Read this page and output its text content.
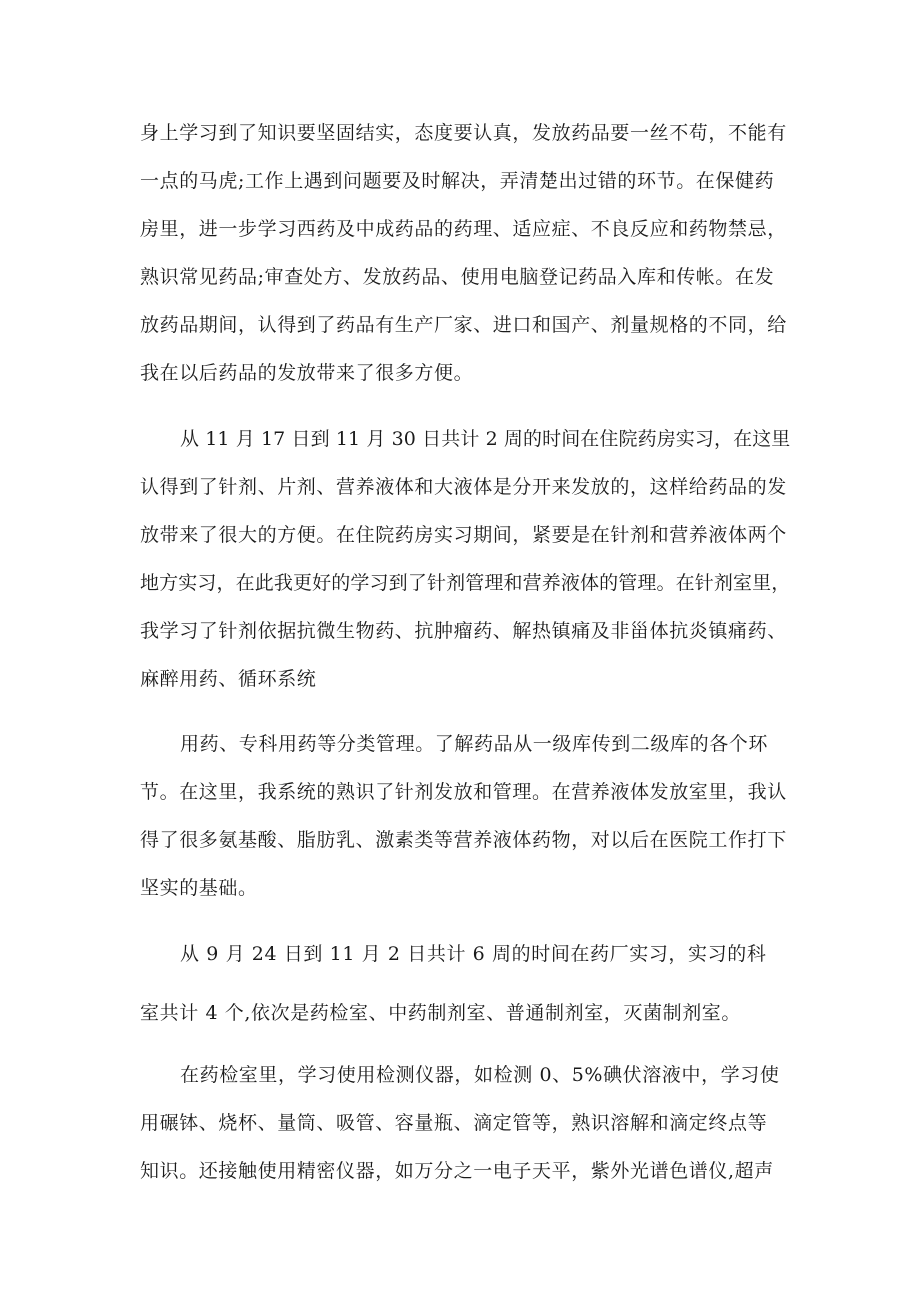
身上学习到了知识要坚固结实，态度要认真，发放药品要一丝不苟，不能有
一点的马虎;工作上遇到问题要及时解决，弄清楚出过错的环节。在保健药
房里，进一步学习西药及中成药品的药理、适应症、不良反应和药物禁忌，
熟识常见药品;审查处方、发放药品、使用电脑登记药品入库和传帐。在发
放药品期间，认得到了药品有生产厂家、进口和国产、剂量规格的不同，给
我在以后药品的发放带来了很多方便。
从 11 月 17 日到 11 月 30 日共计 2 周的时间在住院药房实习，在这里
认得到了针剂、片剂、营养液体和大液体是分开来发放的，这样给药品的发
放带来了很大的方便。在住院药房实习期间，紧要是在针剂和营养液体两个
地方实习，在此我更好的学习到了针剂管理和营养液体的管理。在针剂室里，
我学习了针剂依据抗微生物药、抗肿瘤药、解热镇痛及非甾体抗炎镇痛药、
麻醉用药、循环系统
用药、专科用药等分类管理。了解药品从一级库传到二级库的各个环
节。在这里，我系统的熟识了针剂发放和管理。在营养液体发放室里，我认
得了很多氨基酸、脂肪乳、激素类等营养液体药物，对以后在医院工作打下
坚实的基础。
从 9 月 24 日到 11 月 2 日共计 6 周的时间在药厂实习，实习的科
室共计 4 个,依次是药检室、中药制剂室、普通制剂室，灭菌制剂室。
在药检室里，学习使用检测仪器，如检测 0、5%碘伏溶液中，学习使
用碾钵、烧杯、量筒、吸管、容量瓶、滴定管等，熟识溶解和滴定终点等
知识。还接触使用精密仪器，如万分之一电子天平，紫外光谱色谱仪,超声
